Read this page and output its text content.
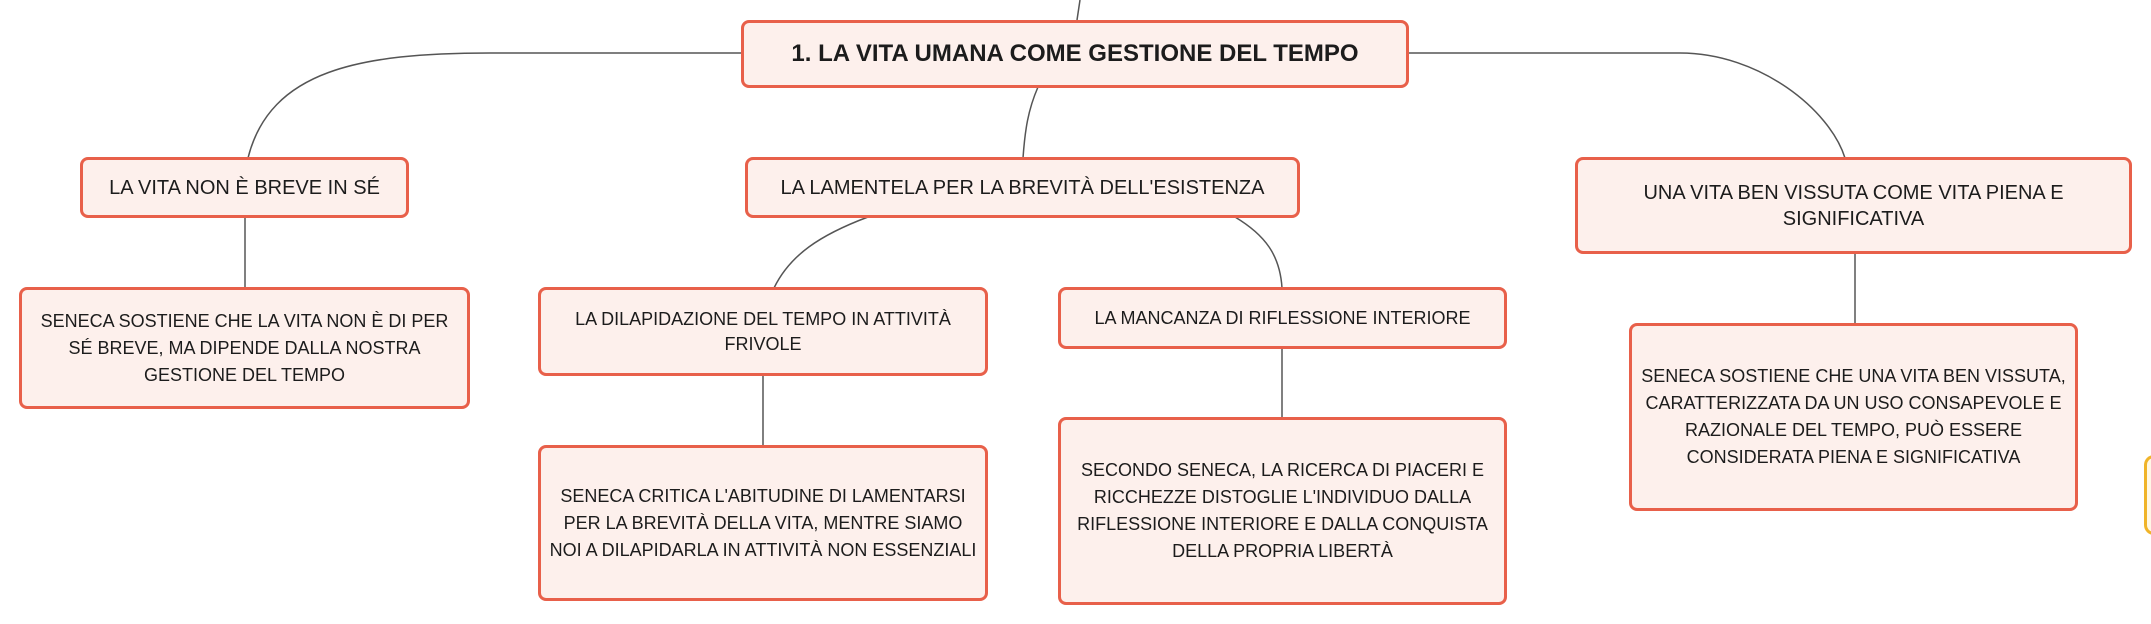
1. LA VITA UMANA COME GESTIONE DEL TEMPO
LA VITA NON È BREVE IN SÉ
SENECA SOSTIENE CHE LA VITA NON È DI PER SÉ BREVE, MA DIPENDE DALLA NOSTRA GESTIONE DEL TEMPO
LA LAMENTELA PER LA BREVITÀ DELL'ESISTENZA
LA DILAPIDAZIONE DEL TEMPO IN ATTIVITÀ FRIVOLE
SENECA CRITICA L'ABITUDINE DI LAMENTARSI PER LA BREVITÀ DELLA VITA, MENTRE SIAMO NOI A DILAPIDARLA IN ATTIVITÀ NON ESSENZIALI
LA MANCANZA DI RIFLESSIONE INTERIORE
SECONDO SENECA, LA RICERCA DI PIACERI E RICCHEZZE DISTOGLIE L'INDIVIDUO DALLA RIFLESSIONE INTERIORE E DALLA CONQUISTA DELLA PROPRIA LIBERTÀ
UNA VITA BEN VISSUTA COME VITA PIENA E SIGNIFICATIVA
SENECA SOSTIENE CHE UNA VITA BEN VISSUTA, CARATTERIZZATA DA UN USO CONSAPEVOLE E RAZIONALE DEL TEMPO, PUÒ ESSERE CONSIDERATA PIENA E SIGNIFICATIVA
